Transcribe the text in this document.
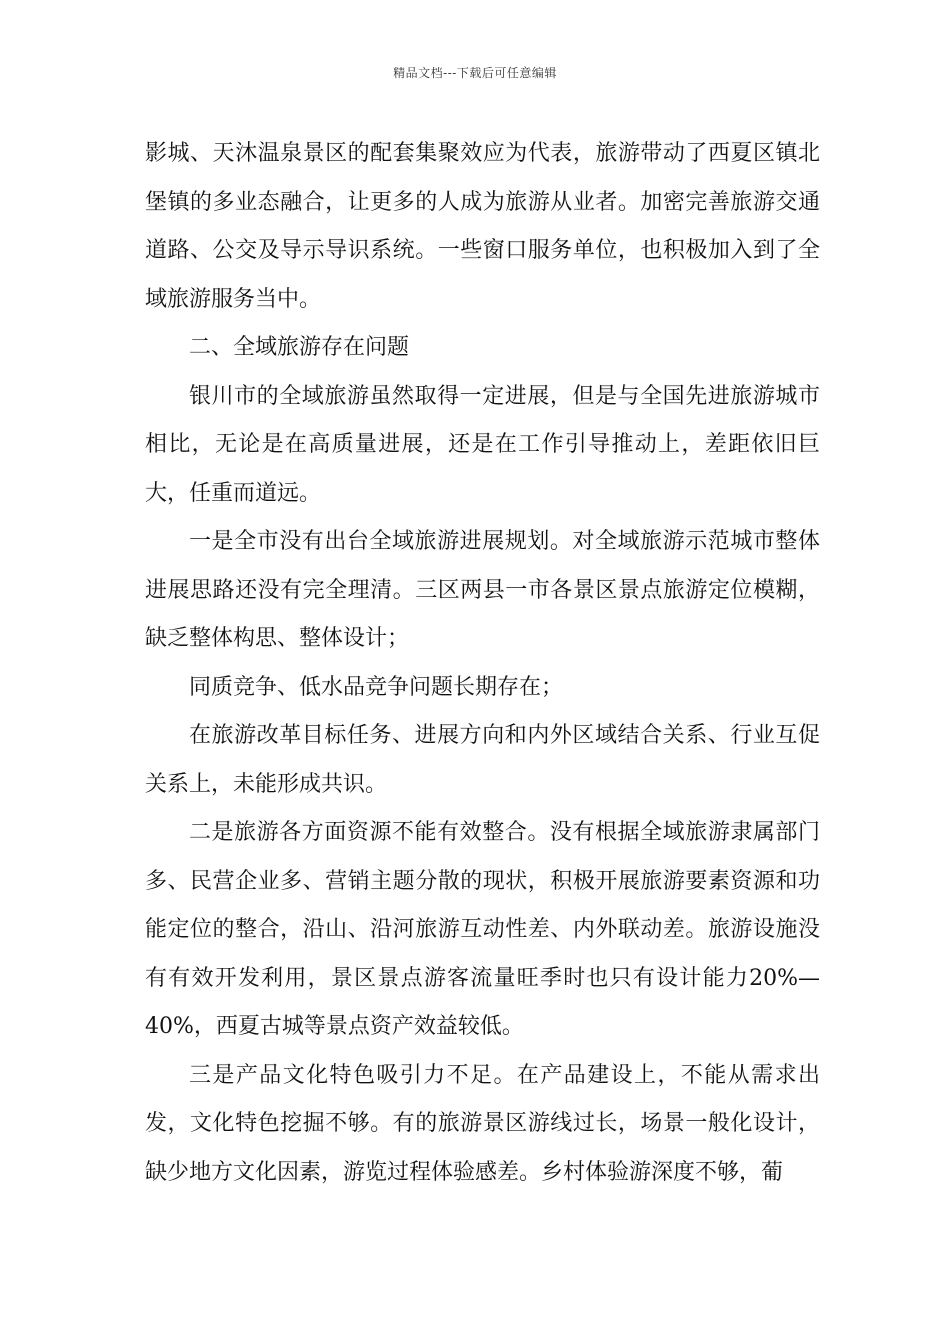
精品文档---下载后可任意编辑

影城、天沐温泉景区的配套集聚效应为代表，旅游带动了西夏区镇北堡镇的多业态融合，让更多的人成为旅游从业者。加密完善旅游交通道路、公交及导示导识系统。一些窗口服务单位，也积极加入到了全域旅游服务当中。

二、全域旅游存在问题

银川市的全域旅游虽然取得一定进展，但是与全国先进旅游城市相比，无论是在高质量进展，还是在工作引导推动上，差距依旧巨大，任重而道远。

一是全市没有出台全域旅游进展规划。对全域旅游示范城市整体进展思路还没有完全理清。三区两县一市各景区景点旅游定位模糊，缺乏整体构思、整体设计；

同质竞争、低水品竞争问题长期存在；

在旅游改革目标任务、进展方向和内外区域结合关系、行业互促关系上，未能形成共识。

二是旅游各方面资源不能有效整合。没有根据全域旅游隶属部门多、民营企业多、营销主题分散的现状，积极开展旅游要素资源和功能定位的整合，沿山、沿河旅游互动性差、内外联动差。旅游设施没有有效开发利用，景区景点游客流量旺季时也只有设计能力20%—40%，西夏古城等景点资产效益较低。

三是产品文化特色吸引力不足。在产品建设上，不能从需求出发，文化特色挖掘不够。有的旅游景区游线过长，场景一般化设计，缺少地方文化因素，游览过程体验感差。乡村体验游深度不够，葡
